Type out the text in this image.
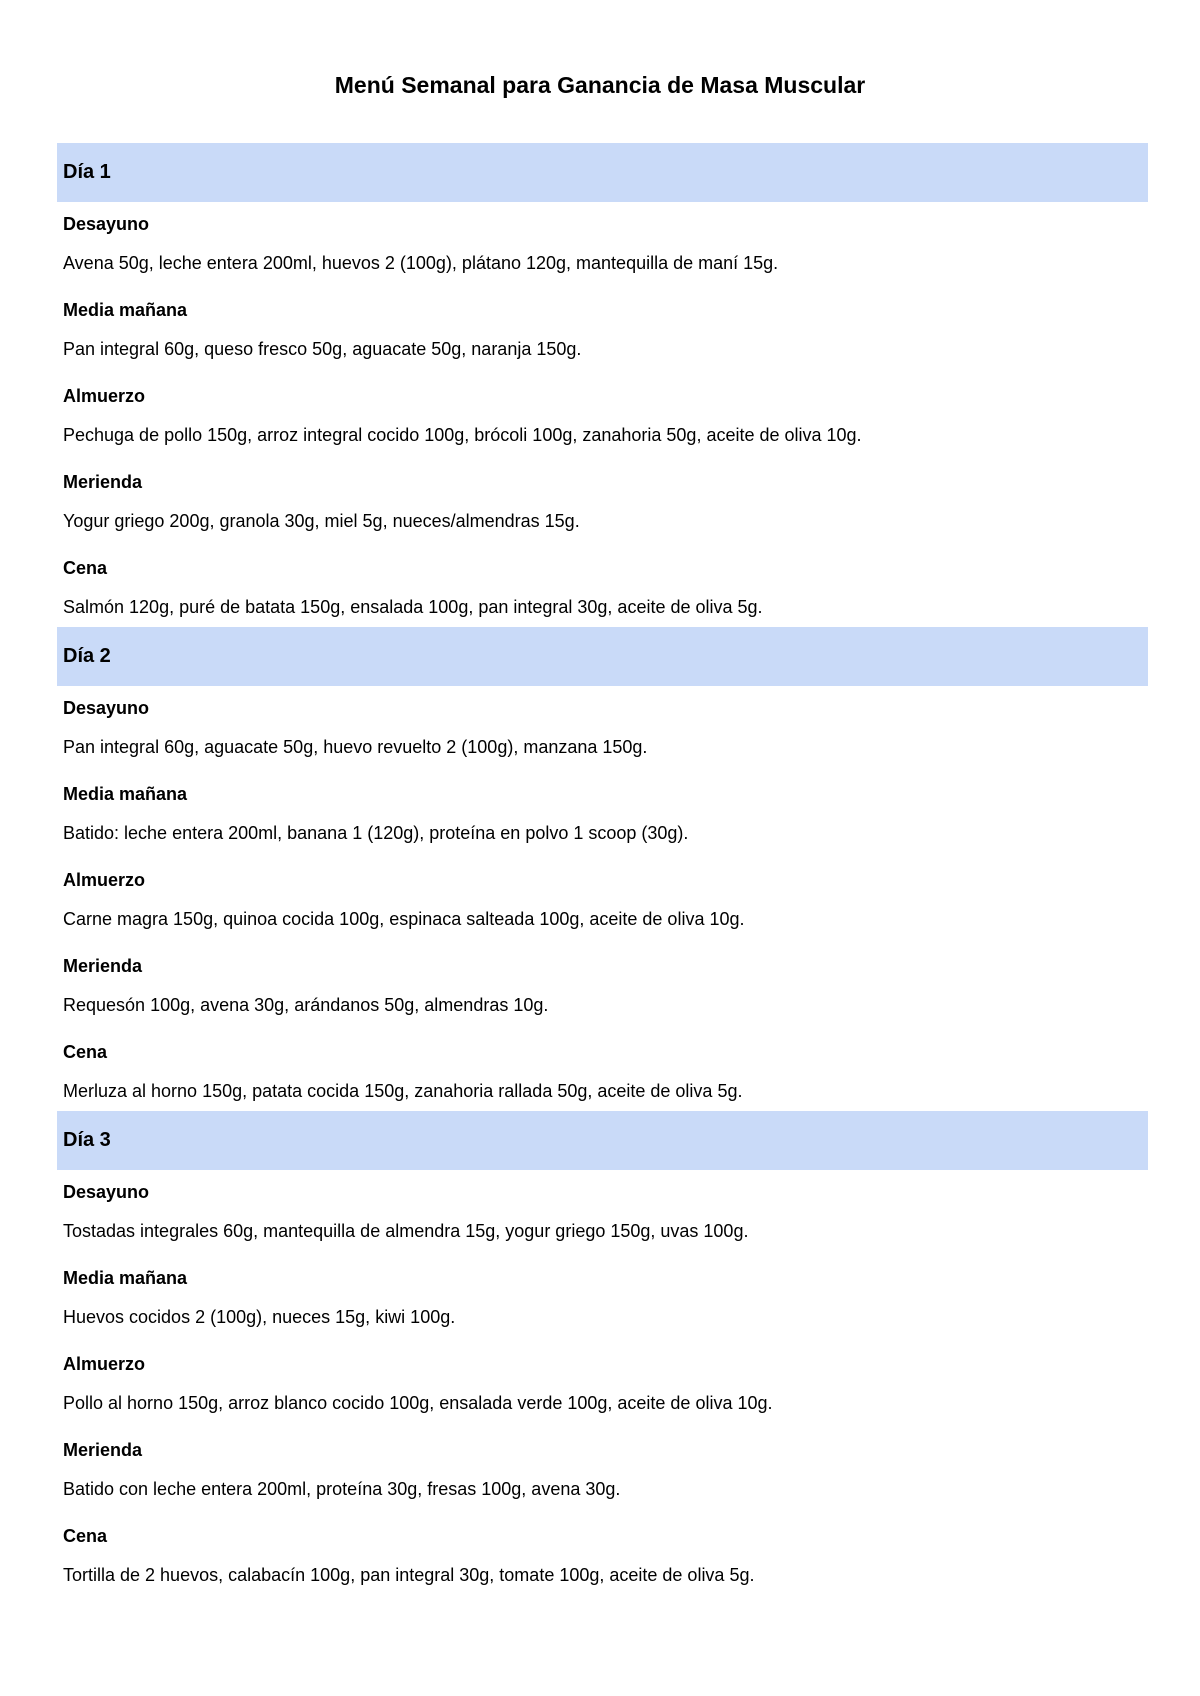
Menú Semanal para Ganancia de Masa Muscular
Día 1
Desayuno
Avena 50g, leche entera 200ml, huevos 2 (100g), plátano 120g, mantequilla de maní 15g.
Media mañana
Pan integral 60g, queso fresco 50g, aguacate 50g, naranja 150g.
Almuerzo
Pechuga de pollo 150g, arroz integral cocido 100g, brócoli 100g, zanahoria 50g, aceite de oliva 10g.
Merienda
Yogur griego 200g, granola 30g, miel 5g, nueces/almendras 15g.
Cena
Salmón 120g, puré de batata 150g, ensalada 100g, pan integral 30g, aceite de oliva 5g.
Día 2
Desayuno
Pan integral 60g, aguacate 50g, huevo revuelto 2 (100g), manzana 150g.
Media mañana
Batido: leche entera 200ml, banana 1 (120g), proteína en polvo 1 scoop (30g).
Almuerzo
Carne magra 150g, quinoa cocida 100g, espinaca salteada 100g, aceite de oliva 10g.
Merienda
Requesón 100g, avena 30g, arándanos 50g, almendras 10g.
Cena
Merluza al horno 150g, patata cocida 150g, zanahoria rallada 50g, aceite de oliva 5g.
Día 3
Desayuno
Tostadas integrales 60g, mantequilla de almendra 15g, yogur griego 150g, uvas 100g.
Media mañana
Huevos cocidos 2 (100g), nueces 15g, kiwi 100g.
Almuerzo
Pollo al horno 150g, arroz blanco cocido 100g, ensalada verde 100g, aceite de oliva 10g.
Merienda
Batido con leche entera 200ml, proteína 30g, fresas 100g, avena 30g.
Cena
Tortilla de 2 huevos, calabacín 100g, pan integral 30g, tomate 100g, aceite de oliva 5g.
